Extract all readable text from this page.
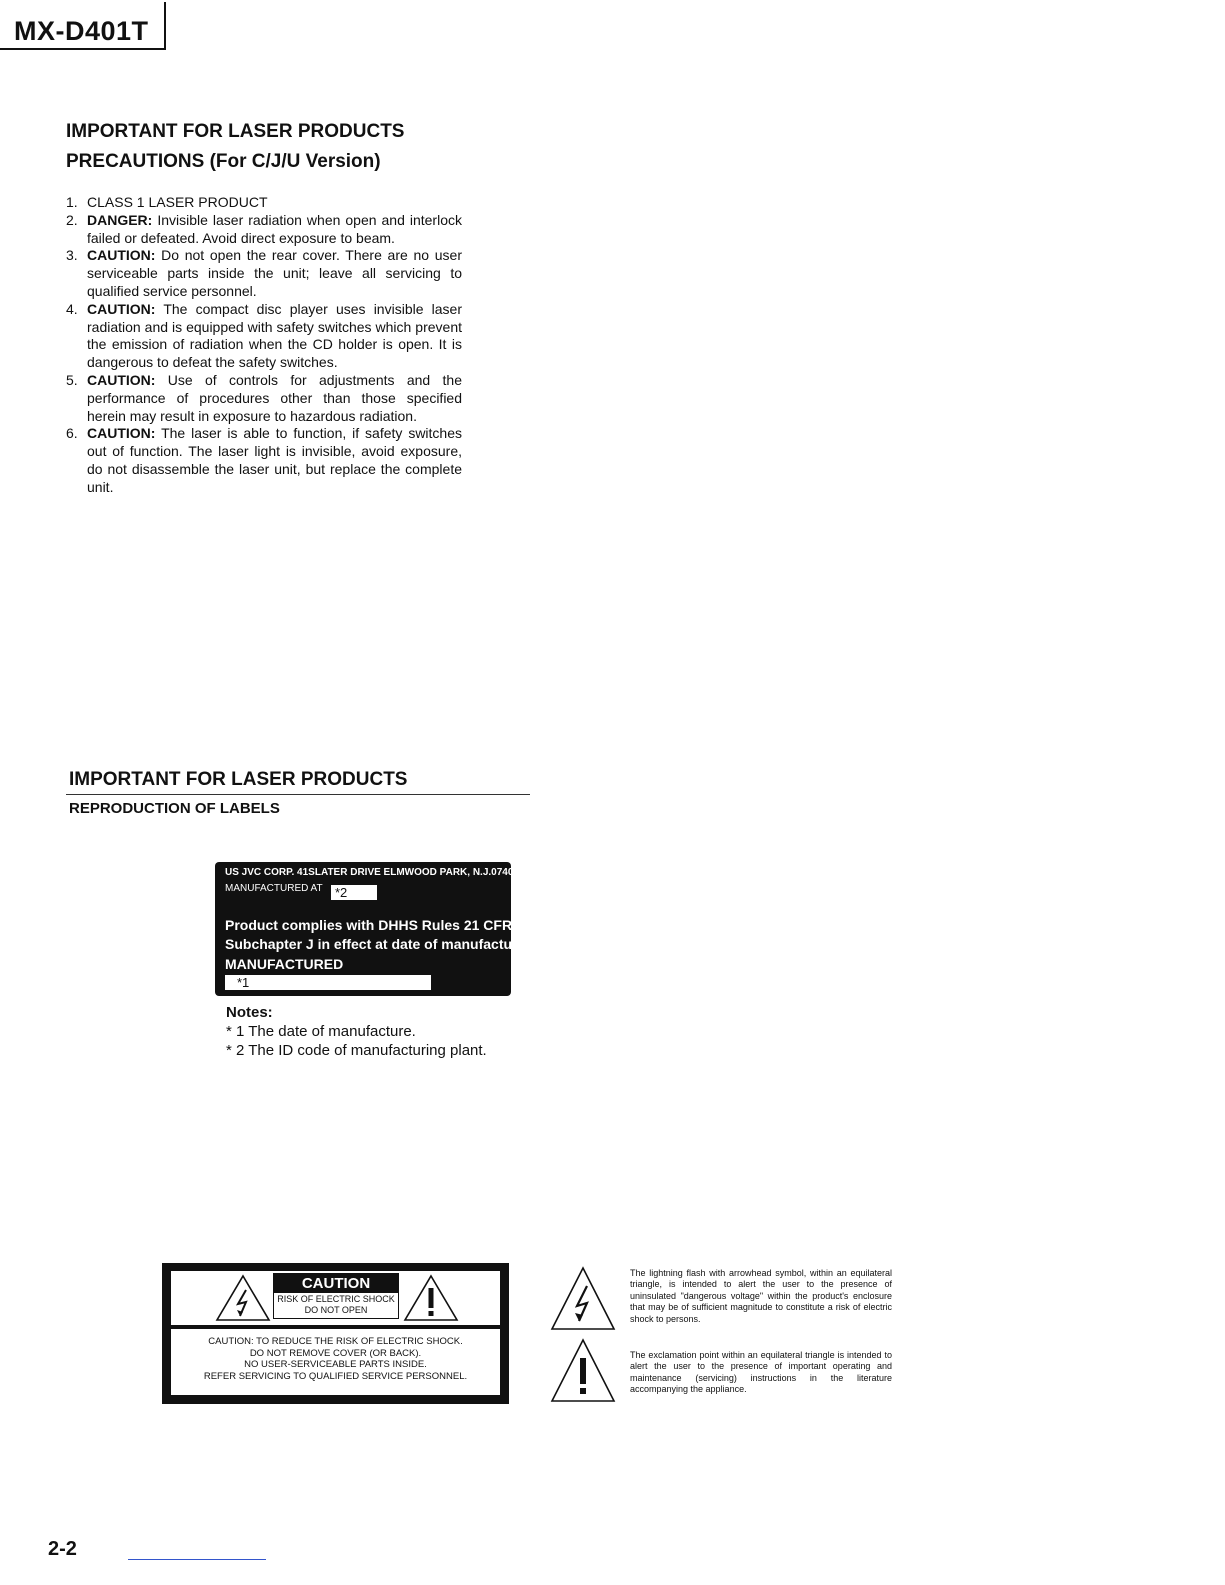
MX-D401T
IMPORTANT FOR LASER PRODUCTS
PRECAUTIONS (For C/J/U Version)
1. CLASS 1 LASER PRODUCT
2. DANGER: Invisible laser radiation when open and interlock failed or defeated. Avoid direct exposure to beam.
3. CAUTION: Do not open the rear cover. There are no user serviceable parts inside the unit; leave all servicing to qualified service personnel.
4. CAUTION: The compact disc player uses invisible laser radiation and is equipped with safety switches which prevent the emission of radiation when the CD holder is open. It is dangerous to defeat the safety switches.
5. CAUTION: Use of controls for adjustments and the performance of procedures other than those specified herein may result in exposure to hazardous radiation.
6. CAUTION: The laser is able to function, if safety switches out of function. The laser light is invisible, avoid exposure, do not disassemble the laser unit, but replace the complete unit.
IMPORTANT FOR LASER PRODUCTS
REPRODUCTION OF LABELS
US JVC CORP. 41SLATER DRIVE ELMWOOD PARK, N.J.07407
MANUFACTURED AT *2
Product complies with DHHS Rules 21 CFR
Subchapter J in effect at date of manufacture.
MANUFACTURED
*1
Notes:
* 1 The date of manufacture.
* 2 The ID code of manufacturing plant.
CAUTION
RISK OF ELECTRIC SHOCK
DO NOT OPEN
CAUTION: TO REDUCE THE RISK OF ELECTRIC SHOCK.
DO NOT REMOVE COVER (OR BACK).
NO USER-SERVICEABLE PARTS INSIDE.
REFER SERVICING TO QUALIFIED SERVICE PERSONNEL.
The lightning flash with arrowhead symbol, within an equilateral triangle, is intended to alert the user to the presence of uninsulated "dangerous voltage" within the product's enclosure that may be of sufficient magnitude to constitute a risk of electric shock to persons.
The exclamation point within an equilateral triangle is intended to alert the user to the presence of important operating and maintenance (servicing) instructions in the literature accompanying the appliance.
2-2
